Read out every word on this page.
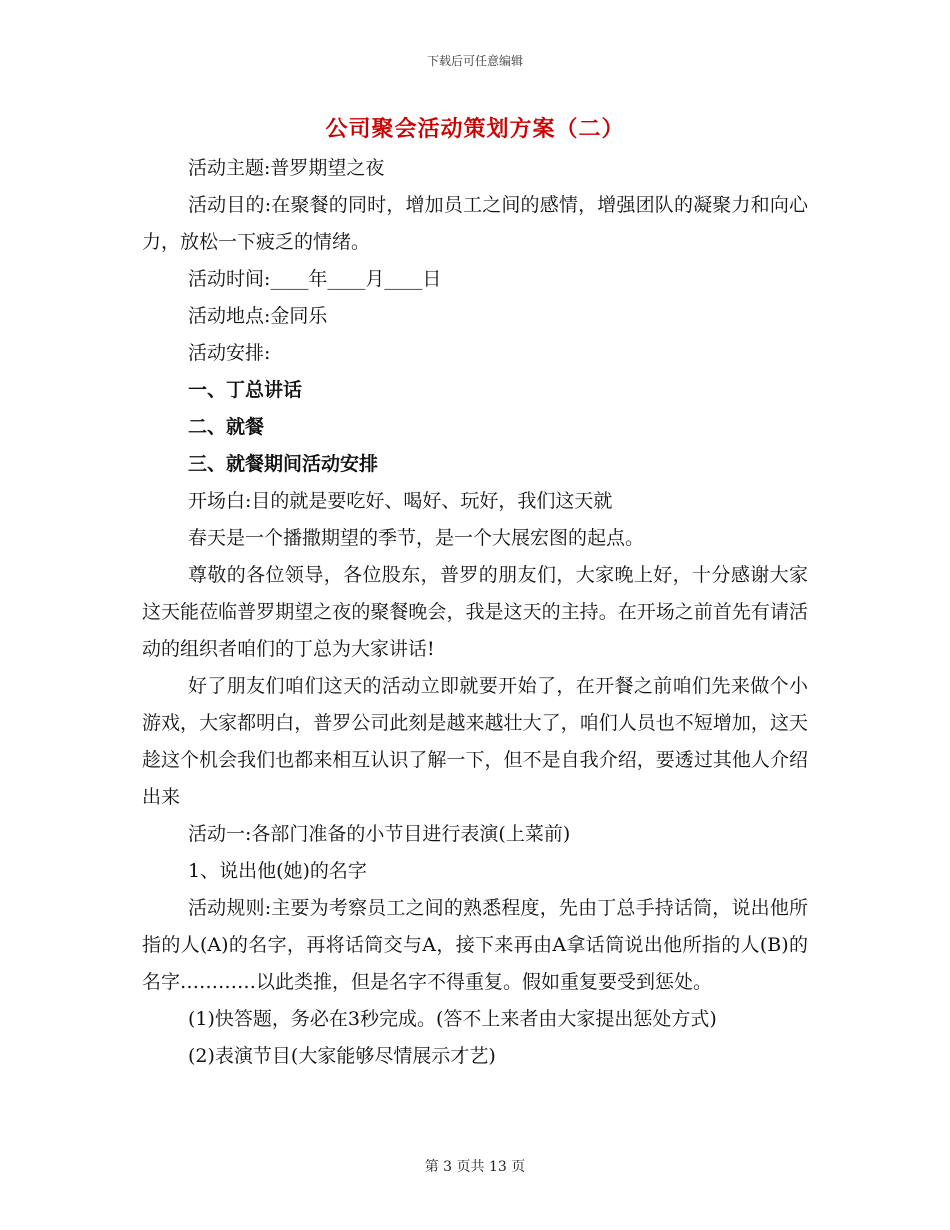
下载后可任意编辑
公司聚会活动策划方案（二）

活动主题:普罗期望之夜

活动目的:在聚餐的同时，增加员工之间的感情，增强团队的凝聚力和向心力，放松一下疲乏的情绪。

活动时间:____年____月____日

活动地点:金同乐

活动安排:

一、丁总讲话

二、就餐

三、就餐期间活动安排

开场白:目的就是要吃好、喝好、玩好，我们这天就

春天是一个播撒期望的季节，是一个大展宏图的起点。

尊敬的各位领导，各位股东，普罗的朋友们，大家晚上好，十分感谢大家这天能莅临普罗期望之夜的聚餐晚会，我是这天的主持。在开场之前首先有请活动的组织者咱们的丁总为大家讲话!

好了朋友们咱们这天的活动立即就要开始了，在开餐之前咱们先来做个小游戏，大家都明白，普罗公司此刻是越来越壮大了，咱们人员也不短增加，这天趁这个机会我们也都来相互认识了解一下，但不是自我介绍，要透过其他人介绍出来

活动一:各部门准备的小节目进行表演(上菜前)

1、说出他(她)的名字

活动规则:主要为考察员工之间的熟悉程度，先由丁总手持话筒，说出他所指的人(A)的名字，再将话筒交与A，接下来再由A拿话筒说出他所指的人(B)的名字…………以此类推，但是名字不得重复。假如重复要受到惩处。

(1)快答题，务必在3秒完成。(答不上来者由大家提出惩处方式)

(2)表演节目(大家能够尽情展示才艺)

第 3 页共 13 页
